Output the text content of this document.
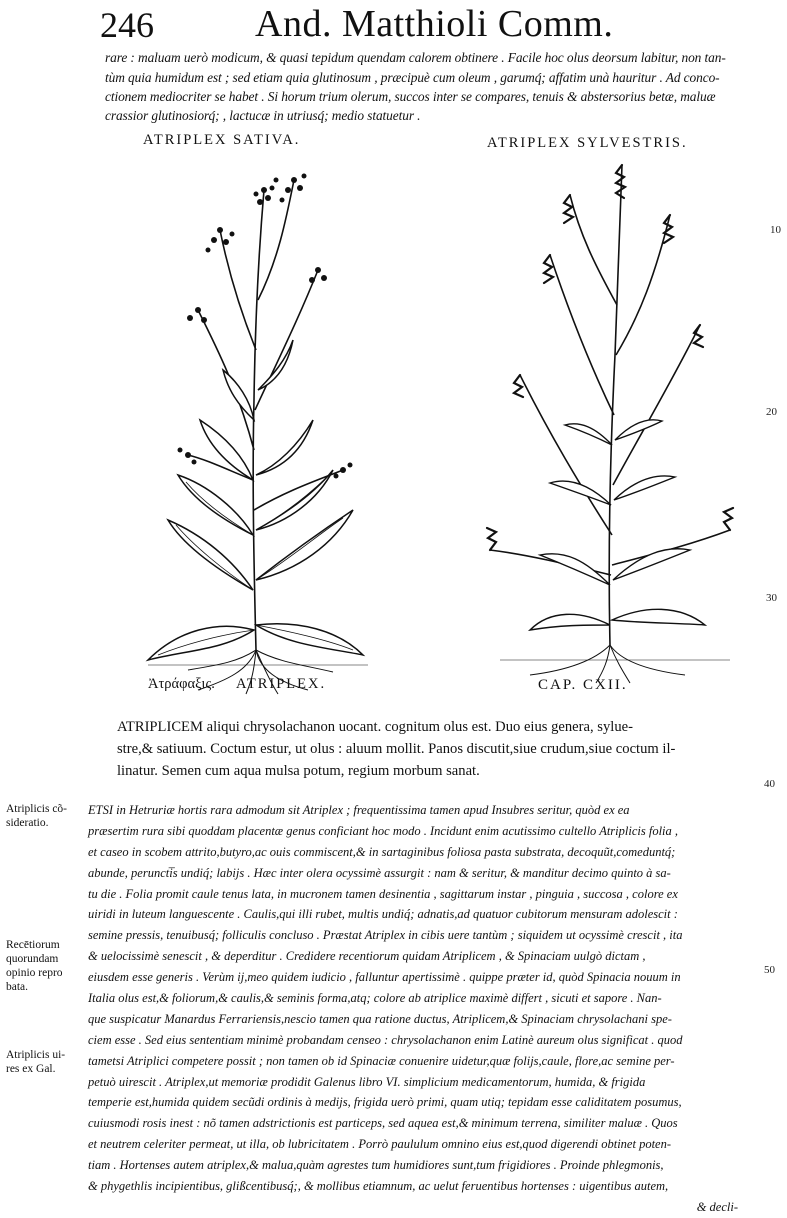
246	And. Matthioli Comm.
rare : maluam uerò modicum, & quasi tepidum quendam calorem obtinere . Facile hoc olus deorsum labitur, non tan-
tùm quia humidum est ; sed etiam quia glutinosum , præcipuè cum oleum , garumq́; affatim unà hauritur . Ad conco-
ctionem mediocriter se habet . Si horum trium olerum, succos inter se compares, tenuis & abstersorius betæ, maluæ
crassior glutinosiorq́; , lactucæ in utriusq́; medio statuetur .
ATRIPLEX SATIVA.	ATRIPLEX SYLVESTRIS.
10
20
30
40
50
Ἀτράφαξις. ATRIPLEX.	CAP. CXII.
ATRIPLICEM aliqui chrysolachanon uocant. cognitum olus est. Duo eius genera, sylue-
stre,& satiuum. Coctum estur, ut olus : aluum mollit. Panos discutit,siue crudum,siue coctum il-
linatur. Semen cum aqua mulsa potum, regium morbum sanat.
Atriplicis cõ-
sideratio.
Recētiorum
quorundam
opinio repro
bata.
Atriplicis ui-
res ex Gal.
ETSI in Hetruriæ hortis rara admodum sit Atriplex ; frequentissima tamen apud Insubres seritur, quòd ex ea
præsertim rura sibi quoddam placentæ genus conficiant hoc modo . Incidunt enim acutissimo cultello Atriplicis folia ,
et caseo in scobem attrito,butyro,ac ouis commiscent,& in sartaginibus foliosa pasta substrata, decoquũt,comeduntq́;
abunde, peruncti̅s undiq́; labijs . Hæc inter olera ocyssimè assurgit : nam & seritur, & manditur decimo quinto à sa-
tu die . Folia promit caule tenus lata, in mucronem tamen desinentia , sagittarum instar , pinguia , succosa , colore ex
uiridi in luteum languescente . Caulis,qui illi rubet, multis undiq́; adnatis,ad quatuor cubitorum mensuram adolescit :
semine pressis, tenuibusq́; folliculis concluso . Præstat Atriplex in cibis uere tantùm ; siquidem ut ocyssimè crescit , ita
& uelocissimè senescit , & deperditur . Credidere recentiorum quidam Atriplicem , & Spinaciam uulgò dictam ,
eiusdem esse generis . Verùm ij,meo quidem iudicio , falluntur apertissimè . quippe præter id, quòd Spinacia nouum in
Italia olus est,& foliorum,& caulis,& seminis forma,atq; colore ab atriplice maximè differt , sicuti et sapore . Nan-
que suspicatur Manardus Ferrariensis,nescio tamen qua ratione ductus, Atriplicem,& Spinaciam chrysolachani spe-
ciem esse . Sed eius sententiam minimè probandam censeo : chrysolachanon enim Latinè aureum olus significat . quod
tametsi Atriplici competere possit ; non tamen ob id Spinaciæ conuenire uidetur,quæ folijs,caule, flore,ac semine per-
petuò uirescit . Atriplex,ut memoriæ prodidit Galenus libro VI. simplicium medicamentorum, humida, & frigida
temperie est,humida quidem secũdi ordinis à medijs, frigida uerò primi, quam utiq; tepidam esse caliditatem posumus,
cuiusmodi rosis inest : nõ tamen adstrictionis est particeps, sed aquea est,& minimum terrena, similiter maluæ . Quos
et neutrem celeriter permeat, ut illa, ob lubricitatem . Porrò paululum omnino eius est,quod digerendi obtinet poten-
tiam . Hortenses autem atriplex,& malua,quàm agrestes tum humidiores sunt,tum frigidiores . Proinde phlegmonis,
& phygethlis incipientibus, glißcentibusq́;, & mollibus etiamnum, ac uelut feruentibus hortenses : uigentibus autem,
& decli-
